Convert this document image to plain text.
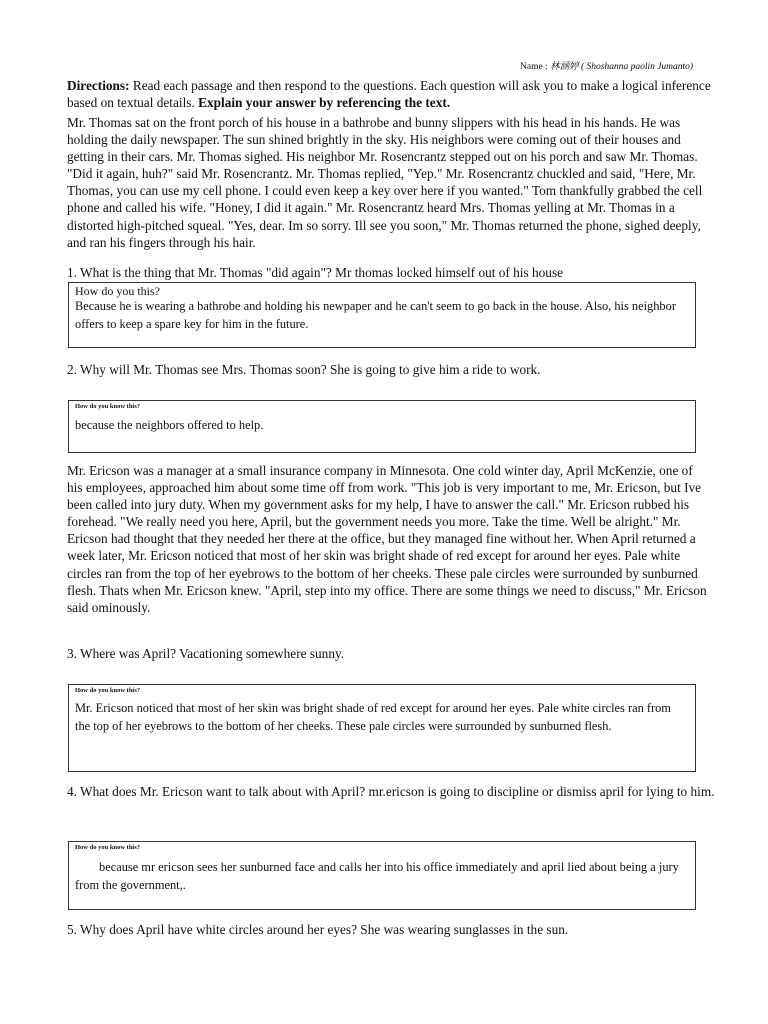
Name : 林涵婷 ( Shoshanna paolin Jumanto)
Directions: Read each passage and then respond to the questions. Each question will ask you to make a logical inference based on textual details. Explain your answer by referencing the text.
Mr. Thomas sat on the front porch of his house in a bathrobe and bunny slippers with his head in his hands. He was holding the daily newspaper. The sun shined brightly in the sky. His neighbors were coming out of their houses and getting in their cars. Mr. Thomas sighed. His neighbor Mr. Rosencrantz stepped out on his porch and saw Mr. Thomas. "Did it again, huh?" said Mr. Rosencrantz. Mr. Thomas replied, "Yep." Mr. Rosencrantz chuckled and said, "Here, Mr. Thomas, you can use my cell phone. I could even keep a key over here if you wanted." Tom thankfully grabbed the cell phone and called his wife. "Honey, I did it again." Mr. Rosencrantz heard Mrs. Thomas yelling at Mr. Thomas in a distorted high-pitched squeal. "Yes, dear. Im so sorry. Ill see you soon," Mr. Thomas returned the phone, sighed deeply, and ran his fingers through his hair.
1. What is the thing that Mr. Thomas "did again"? Mr thomas locked himself out of his house
How do you this?
Because he is wearing a bathrobe and holding his newpaper and he can't seem to go back in the house. Also, his neighbor offers to keep a spare key for him in the future.
2. Why will Mr. Thomas see Mrs. Thomas soon? She is going to give him a ride to work.
How do you know this?
because the neighbors offered to help.
Mr. Ericson was a manager at a small insurance company in Minnesota. One cold winter day, April McKenzie, one of his employees, approached him about some time off from work. "This job is very important to me, Mr. Ericson, but Ive been called into jury duty. When my government asks for my help, I have to answer the call." Mr. Ericson rubbed his forehead. "We really need you here, April, but the government needs you more. Take the time. Well be alright." Mr. Ericson had thought that they needed her there at the office, but they managed fine without her. When April returned a week later, Mr. Ericson noticed that most of her skin was bright shade of red except for around her eyes. Pale white circles ran from the top of her eyebrows to the bottom of her cheeks. These pale circles were surrounded by sunburned flesh. Thats when Mr. Ericson knew. "April, step into my office. There are some things we need to discuss," Mr. Ericson said ominously.
3. Where was April? Vacationing somewhere sunny.
How do you know this?
Mr. Ericson noticed that most of her skin was bright shade of red except for around her eyes. Pale white circles ran from the top of her eyebrows to the bottom of her cheeks. These pale circles were surrounded by sunburned flesh.
4. What does Mr. Ericson want to talk about with April? mr.ericson is going to discipline or dismiss april for lying to him.
How do you know this?
because mr ericson sees her sunburned face and calls her into his office immediately and april lied about being a jury from the government,.
5. Why does April have white circles around her eyes? She was wearing sunglasses in the sun.
